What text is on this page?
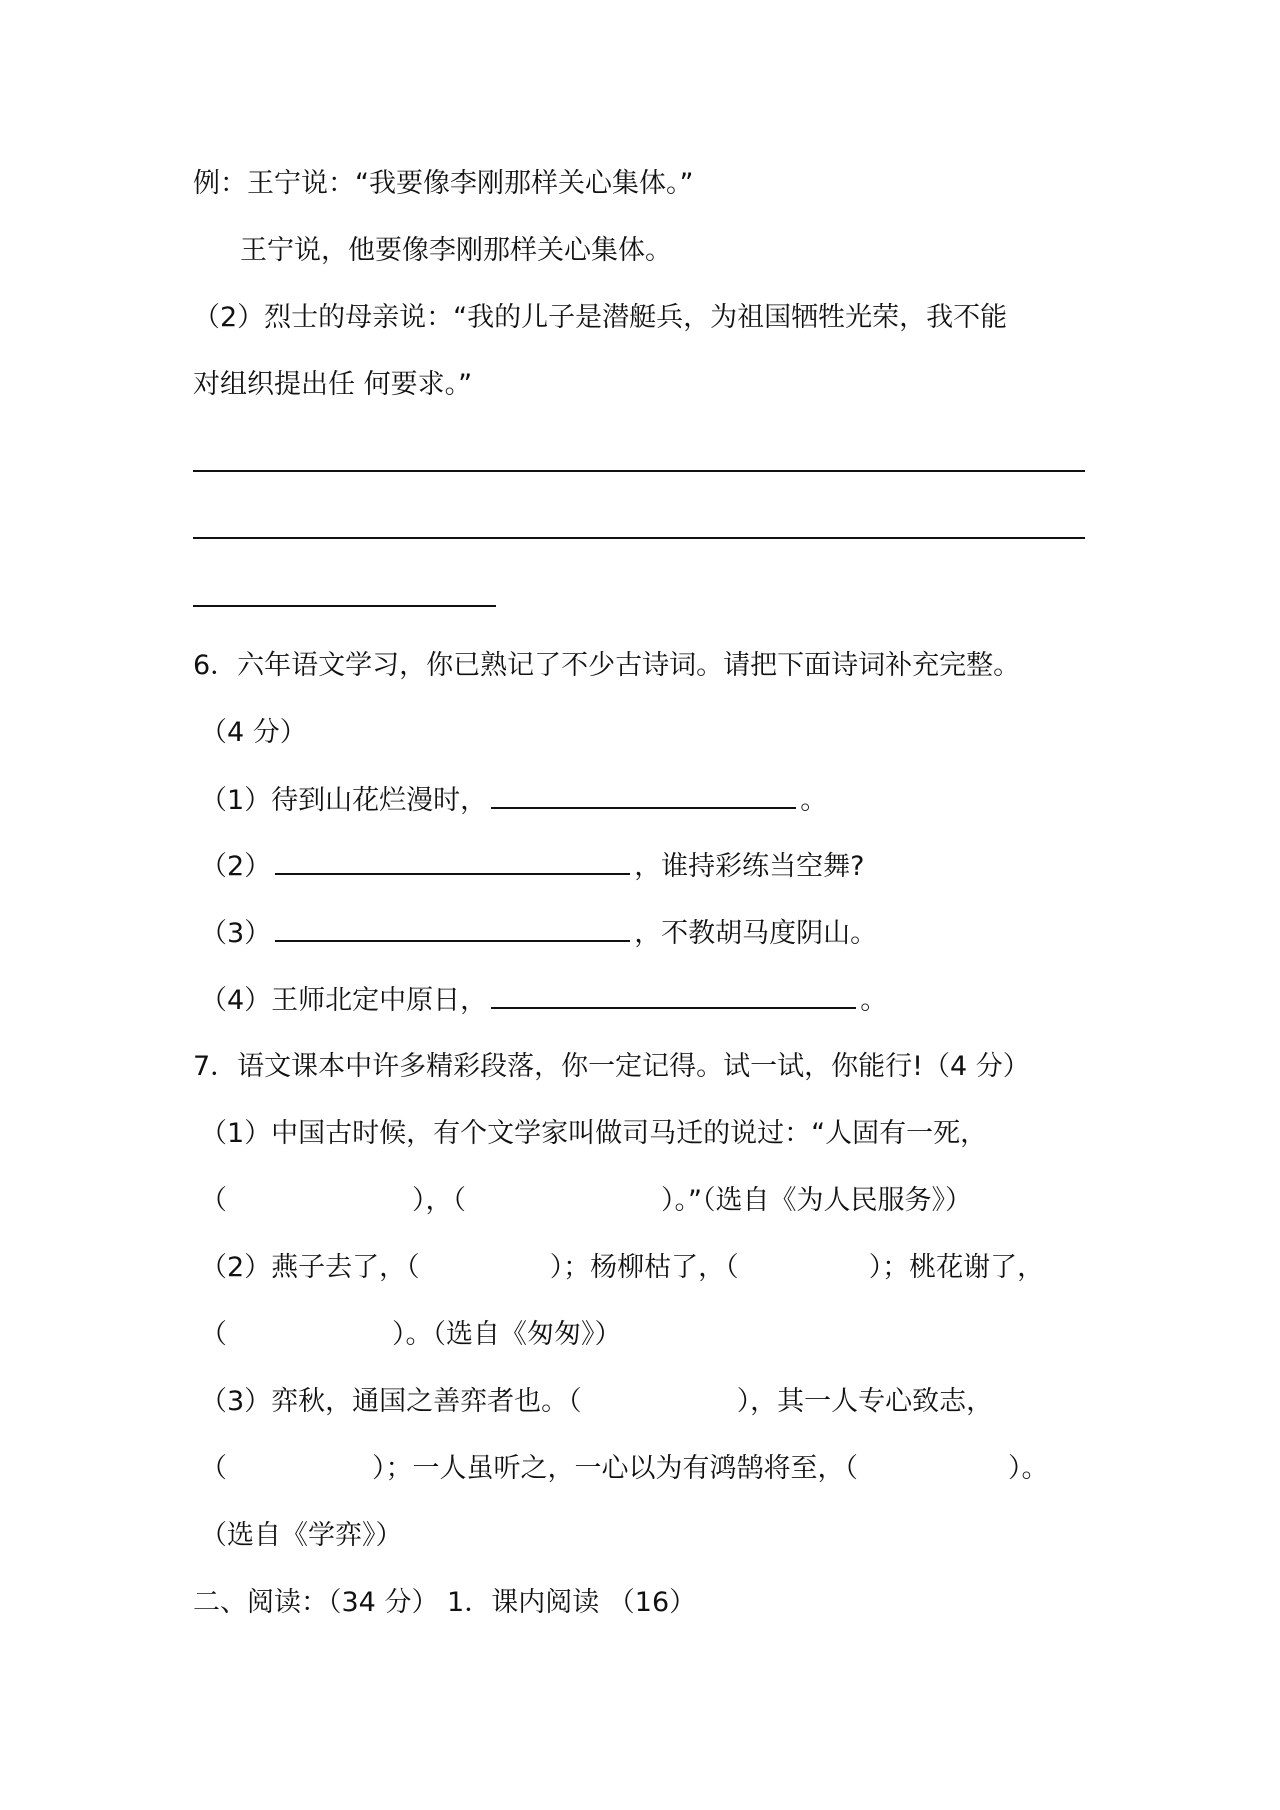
例：王宁说：“我要像李刚那样关心集体。”
王宁说，他要像李刚那样关心集体。
（2）烈士的母亲说：“我的儿子是潜艇兵，为祖国牺牲光荣，我不能
对组织提出任 何要求。”
6．六年语文学习，你已熟记了不少古诗词。请把下面诗词补充完整。
（4 分）
（1）待到山花烂漫时，	。
（2）	，谁持彩练当空舞?
（3）	，不教胡马度阴山。
（4）王师北定中原日，	。
7．语文课本中许多精彩段落，你一定记得。试一试，你能行!（4 分）
（1）中国古时候，有个文学家叫做司马迁的说过：“人固有一死，
（	），（	）。”（选自《为人民服务》）
（2）燕子去了，（	）；杨柳枯了，（	）；桃花谢了，
（	）。（选自《匆匆》）
（3）弈秋，通国之善弈者也。（	），其一人专心致志，
（	）；一人虽听之，一心以为有鸿鹄将至，（	）。
（选自《学弈》）
二、阅读：（34 分） 1．课内阅读 （16）
